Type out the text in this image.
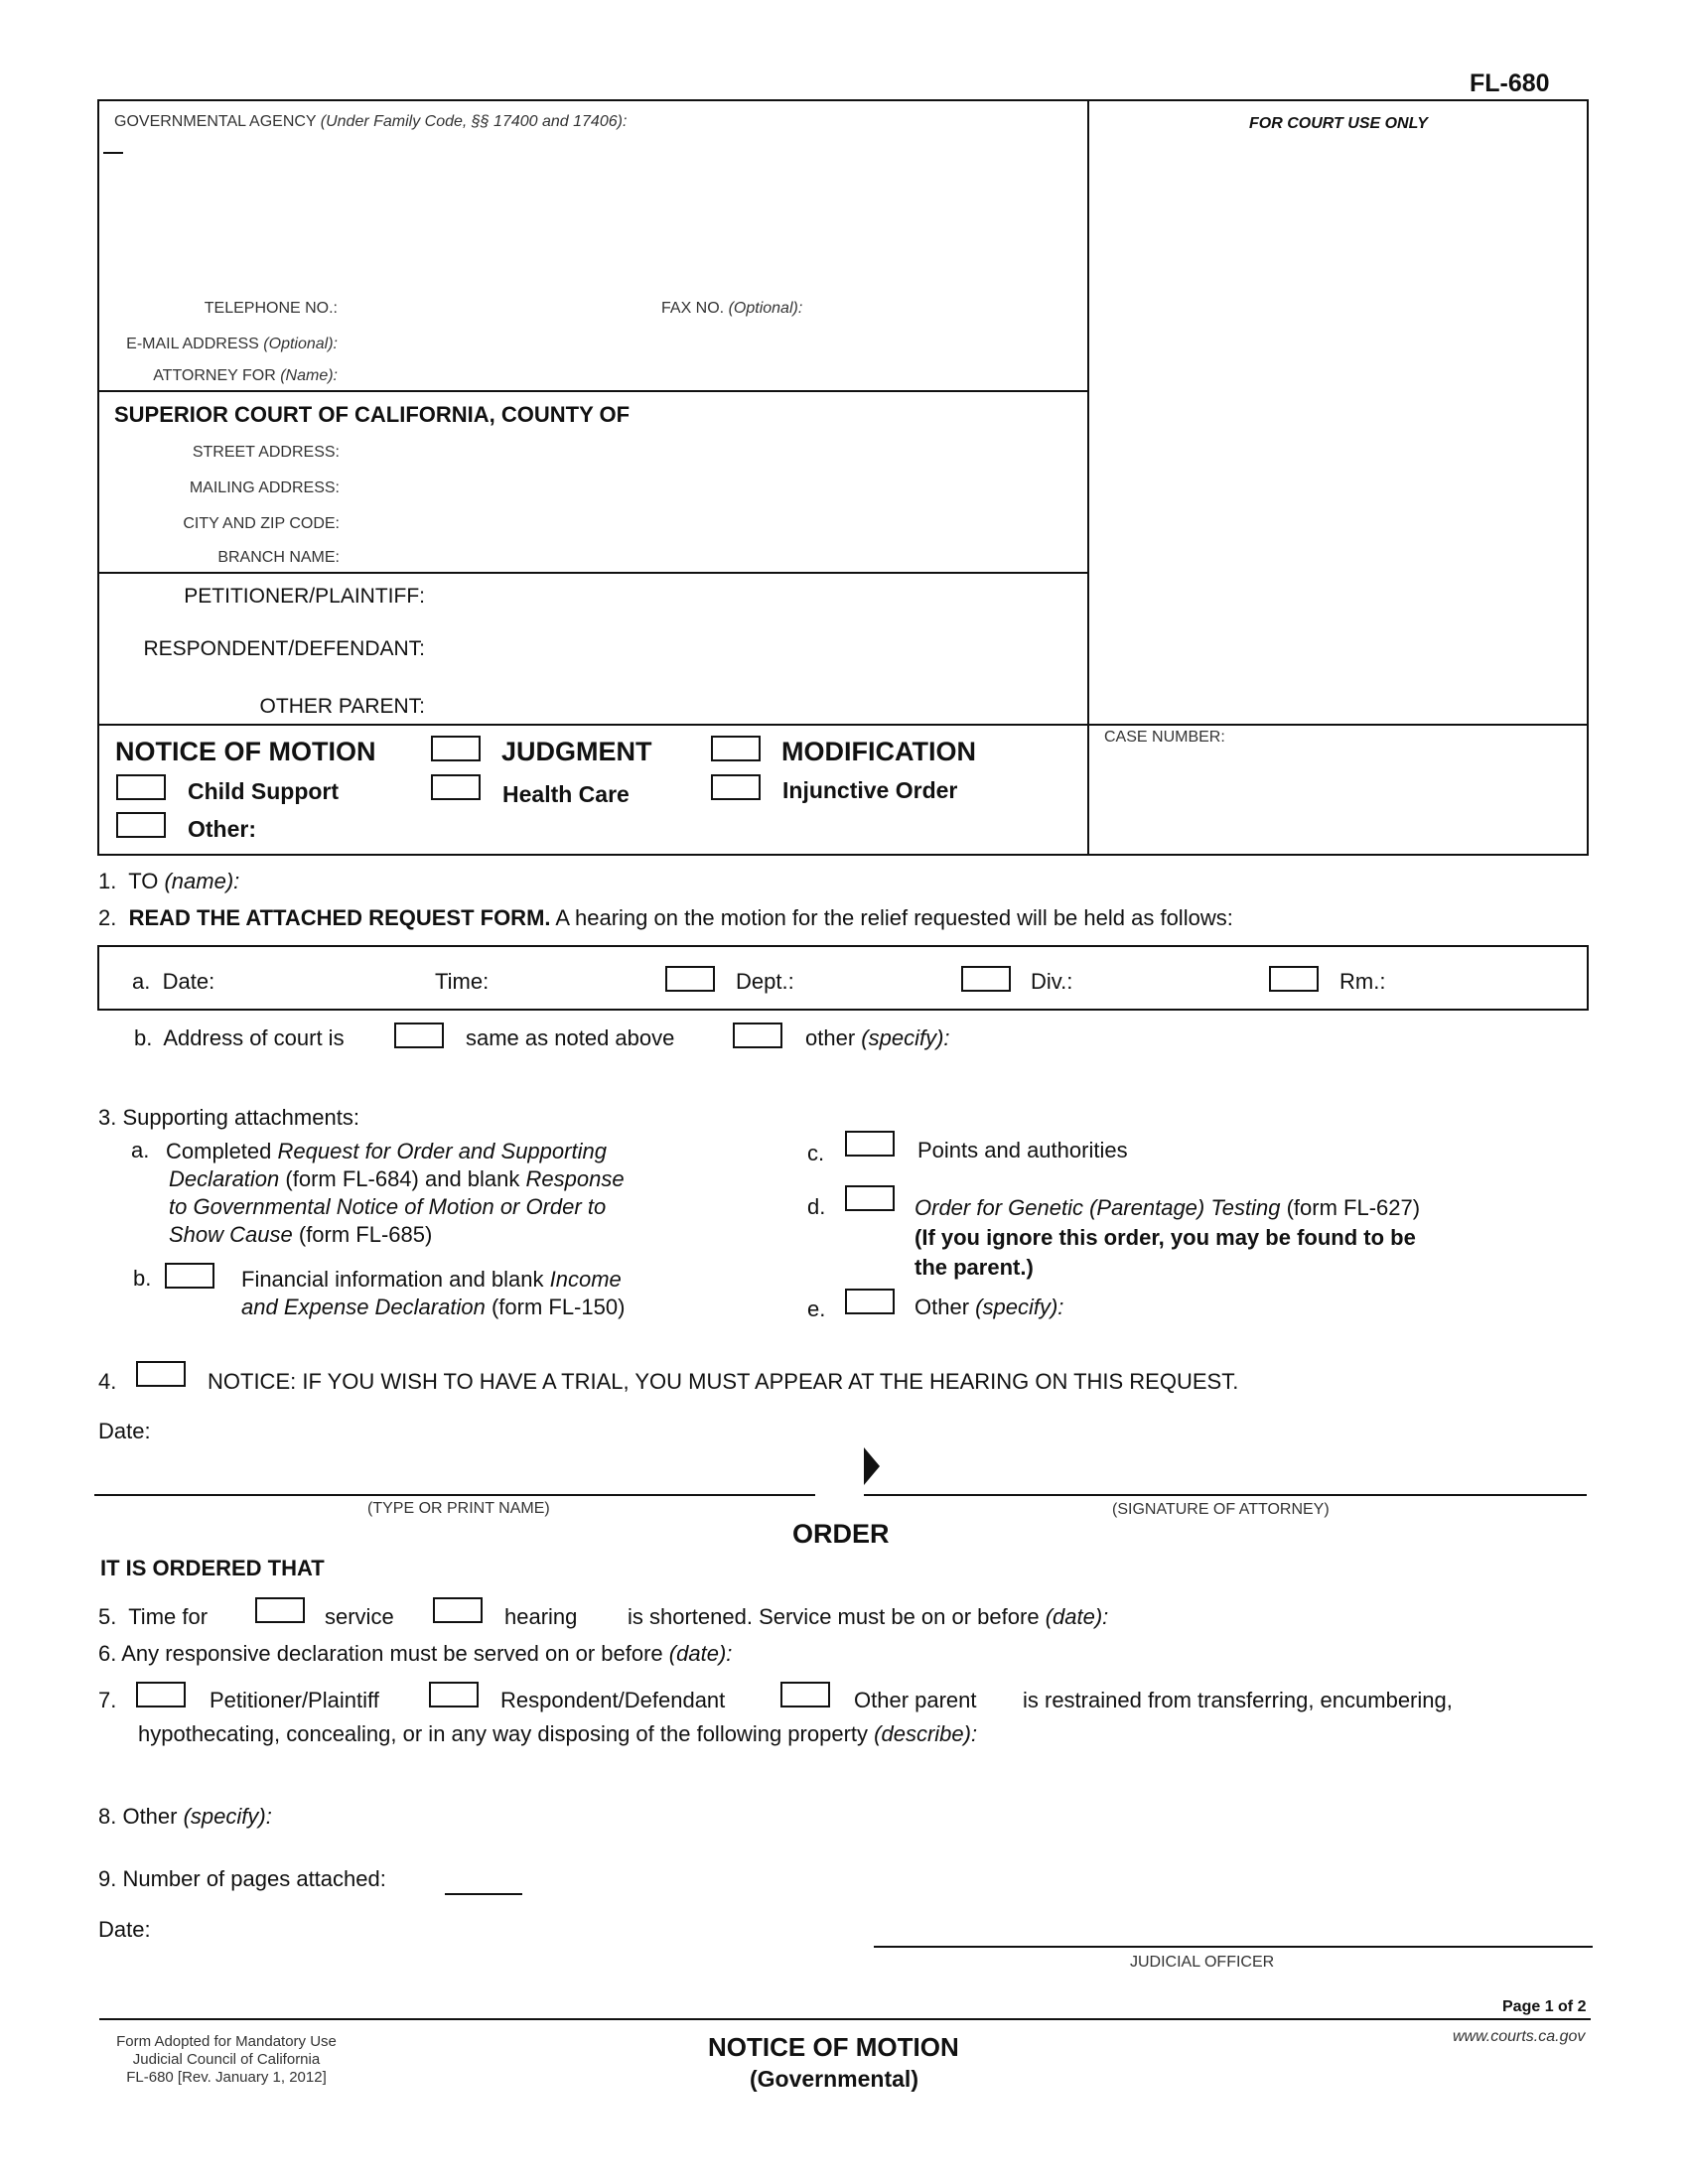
FL-680
GOVERNMENTAL AGENCY (Under Family Code, §§ 17400 and 17406):	FOR COURT USE ONLY
TELEPHONE NO.:	FAX NO. (Optional):
E-MAIL ADDRESS (Optional):
ATTORNEY FOR (Name):
SUPERIOR COURT OF CALIFORNIA, COUNTY OF
STREET ADDRESS:
MAILING ADDRESS:
CITY AND ZIP CODE:
BRANCH NAME:
PETITIONER/PLAINTIFF:
RESPONDENT/DEFENDANT:
OTHER PARENT:
CASE NUMBER:
NOTICE OF MOTION	JUDGMENT	MODIFICATION
Child Support	Health Care	Injunctive Order
Other:
1. TO (name):
2. READ THE ATTACHED REQUEST FORM. A hearing on the motion for the relief requested will be held as follows:
a. Date:	Time:	Dept.:	Div.:	Rm.:
b. Address of court is	same as noted above	other (specify):
3. Supporting attachments:
a. Completed Request for Order and Supporting
Declaration (form FL-684) and blank Response
to Governmental Notice of Motion or Order to
Show Cause (form FL-685)
b.	Financial information and blank Income
and Expense Declaration (form FL-150)
c.	Points and authorities
d.	Order for Genetic (Parentage) Testing (form FL-627)
(If you ignore this order, you may be found to be
the parent.)
e.	Other (specify):
4.	NOTICE: IF YOU WISH TO HAVE A TRIAL, YOU MUST APPEAR AT THE HEARING ON THIS REQUEST.
Date:
(TYPE OR PRINT NAME)	(SIGNATURE OF ATTORNEY)
ORDER
IT IS ORDERED THAT
5. Time for	service	hearing is shortened. Service must be on or before (date):
6. Any responsive declaration must be served on or before (date):
7.	Petitioner/Plaintiff	Respondent/Defendant	Other parent is restrained from transferring, encumbering,
hypothecating, concealing, or in any way disposing of the following property (describe):
8. Other (specify):
9. Number of pages attached:
Date:
JUDICIAL OFFICER
Page 1 of 2
Form Adopted for Mandatory Use
Judicial Council of California
FL-680 [Rev. January 1, 2012]
NOTICE OF MOTION
(Governmental)
www.courts.ca.gov
